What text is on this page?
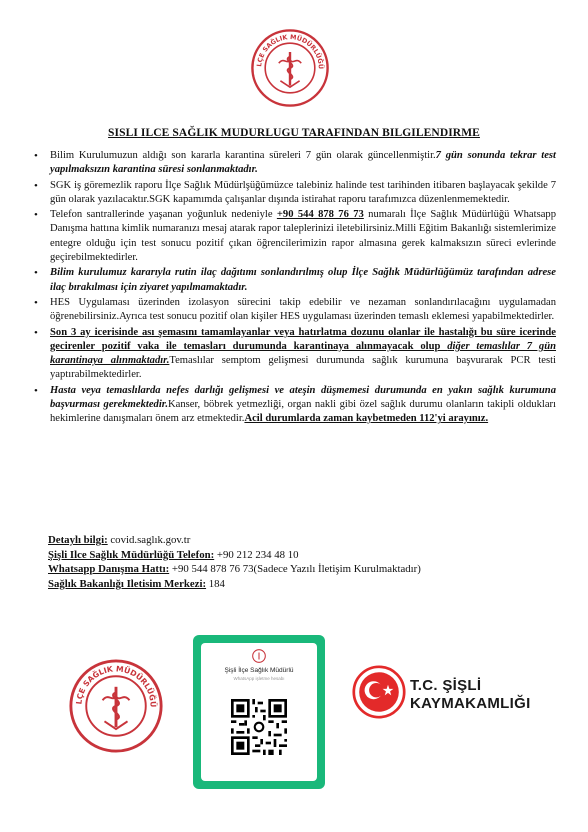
LÇE SAĞLIK MÜDÜRLÜĞÜ
SISLI ILCE SAĞLIK MUDURLUGU TARAFINDAN BILGILENDIRME
• Bilim Kurulumuzun aldığı son kararla karantina süreleri 7 gün olarak güncellenmiştir.7 gün sonunda tekrar test yapılmaksızın karantina süresi sonlanmaktadır.
• SGK iş göremezlik raporu İlçe Sağlık Müdürlşüğümüzce talebiniz halinde test tarihinden itibaren başlayacak şekilde 7 gün olarak yazılacaktır.SGK kapamımda çalışanlar dışında istirahat raporu tarafımızca düzenlenmemektedir.
• Telefon santrallerinde yaşanan yoğunluk nedeniyle +90 544 878 76 73 numaralı İlçe Sağlık Müdürlüğü Whatsapp Danışma hattına kimlik numaranızı mesaj atarak rapor taleplerinizi iletebilirsiniz.Milli Eğitim Bakanlığı sistemlerimize entegre olduğu için test sonucu pozitif çıkan öğrencilerimizin rapor almasına gerek kalmaksızın süreci evlerinde geçirebilmektedirler.
• Bilim kurulumuz kararıyla rutin ilaç dağıtımı sonlandırılmış olup İlçe Sağlık Müdürlüğümüz tarafından adrese ilaç bırakılması için ziyaret yapılmamaktadır.
• HES Uygulaması üzerinden izolasyon sürecini takip edebilir ve nezaman sonlandırılacağını uygulamadan öğrenebilirsiniz.Ayrıca test sonucu pozitif olan kişiler HES uygulaması üzerinden temaslı eklemesi yapabilmektedirler.
• Son 3 ay icerisinde ası şemasını tamamlayanlar veya hatırlatma dozunu olanlar ile hastalığı bu süre icerinde gecirenler pozitif vaka ile temasları durumunda karantinaya alınmayacak olup diğer temaslılar 7 gün karantinaya alınmaktadır.Temaslılar semptom gelişmesi durumunda sağlık kurumuna başvurarak PCR testi yaptırabilmektedirler.
• Hasta veya temaslılarda nefes darlığı gelişmesi ve ateşin düşmemesi durumunda en yakın sağlık kurumuna başvurması gerekmektedir.Kanser, böbrek yetmezliği, organ nakli gibi özel sağlık durumu olanların takipli oldukları hekimlerine danışmaları önem arz etmektedir.Acil durumlarda zaman kaybetmeden 112'yi arayınız.
Detaylı bilgi: covid.saglık.gov.tr
Şişli Ilce Sağlık Müdürlüğü Telefon: +90 212 234 48 10
Whatsapp Danışma Hattı: +90 544 878 76 73(Sadece Yazılı İletişim Kurulmaktadır)
Sağlık Bakanlığı Iletisim Merkezi: 184
LÇE SAĞLIK MÜDÜRLÜĞÜ
Şişli İlçe Sağlık Müdürlü
WhatsApp işletme hesabı	T.C. ŞİŞLİ
KAYMAKAMLIĞI
